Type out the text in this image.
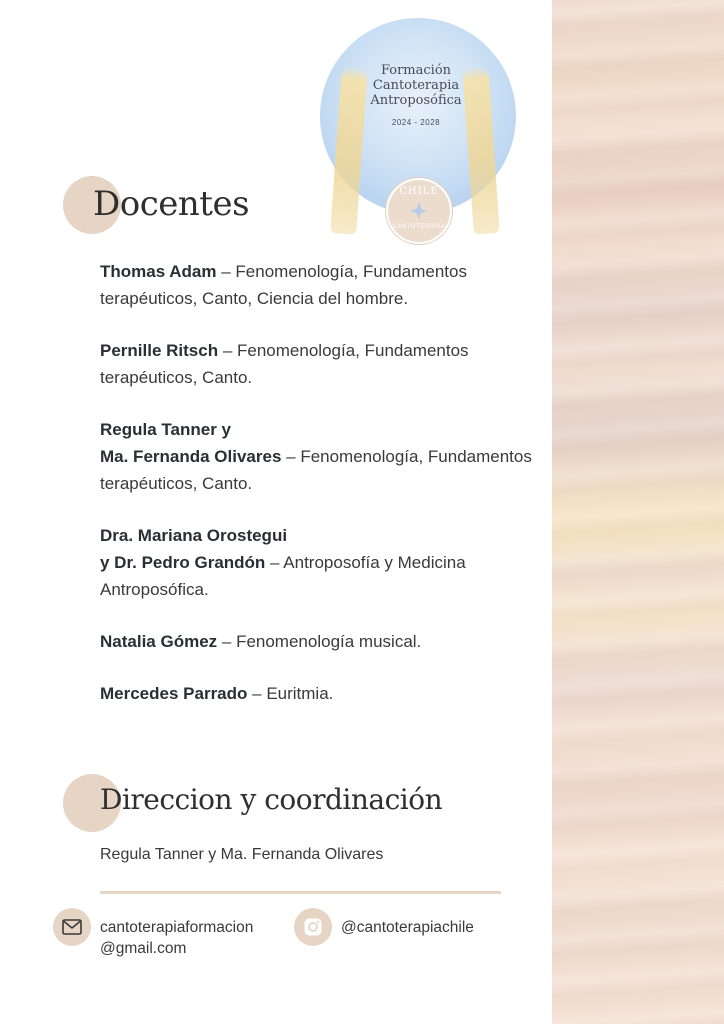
Formación
Cantoterapia
Antroposófica
2024 - 2028
CHILE
CANTOTERAPIA
Docentes
Thomas Adam – Fenomenología, Fundamentos terapéuticos, Canto, Ciencia del hombre.
Pernille Ritsch – Fenomenología, Fundamentos terapéuticos, Canto.
Regula Tanner y
Ma. Fernanda Olivares – Fenomenología, Fundamentos terapéuticos, Canto.
Dra. Mariana Orostegui
y Dr. Pedro Grandón – Antroposofía y Medicina Antroposófica.
Natalia Gómez – Fenomenología musical.
Mercedes Parrado – Euritmia.
Direccion y coordinación
Regula Tanner y Ma. Fernanda Olivares
cantoterapiaformacion
@gmail.com
@cantoterapiachile
